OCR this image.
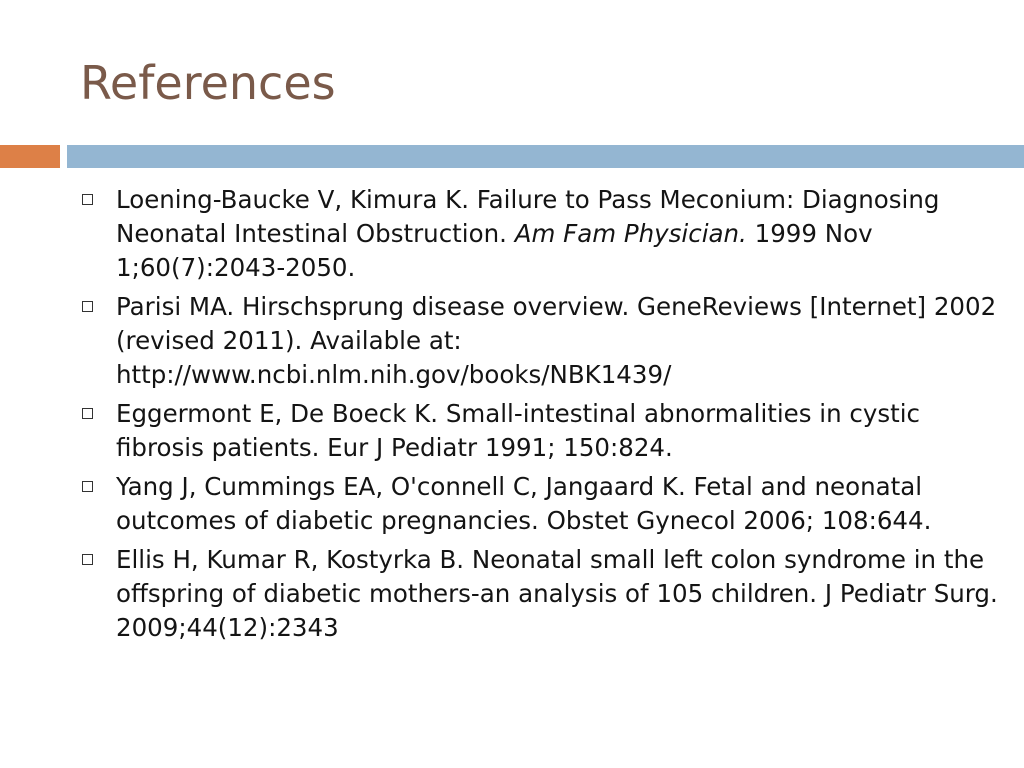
References
Loening-Baucke V, Kimura K. Failure to Pass Meconium: Diagnosing Neonatal Intestinal Obstruction. Am Fam Physician. 1999 Nov 1;60(7):2043-2050.
Parisi MA. Hirschsprung disease overview. GeneReviews [Internet] 2002 (revised 2011). Available at: http://www.ncbi.nlm.nih.gov/books/NBK1439/
Eggermont E, De Boeck K. Small-intestinal abnormalities in cystic fibrosis patients. Eur J Pediatr 1991; 150:824.
Yang J, Cummings EA, O'connell C, Jangaard K. Fetal and neonatal outcomes of diabetic pregnancies. Obstet Gynecol 2006; 108:644.
Ellis H, Kumar R, Kostyrka B. Neonatal small left colon syndrome in the offspring of diabetic mothers-an analysis of 105 children. J Pediatr Surg. 2009;44(12):2343
